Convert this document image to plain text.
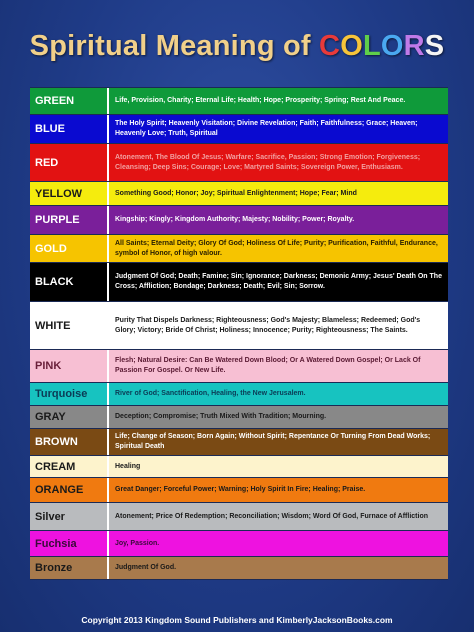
Spiritual Meaning of COLORS
GREEN	Life, Provision, Charity; Eternal Life; Health; Hope; Prosperity; Spring; Rest And Peace.
BLUE	The Holy Spirit; Heavenly Visitation; Divine Revelation; Faith; Faithfulness; Grace; Heaven; Heavenly Love; Truth, Spiritual
RED	Atonement, The Blood Of Jesus; Warfare; Sacrifice, Passion; Strong Emotion; Forgiveness; Cleansing; Deep Sins; Courage; Love; Martyred Saints; Sovereign Power, Enthusiasm.
YELLOW	Something Good; Honor; Joy; Spiritual Enlightenment; Hope; Fear; Mind
PURPLE	Kingship; Kingly; Kingdom Authority; Majesty; Nobility; Power; Royalty.
GOLD	All Saints; Eternal Deity; Glory Of God; Holiness Of Life; Purity; Purification, Faithful, Endurance, symbol of Honor, of high valour.
BLACK	Judgment Of God; Death; Famine; Sin; Ignorance; Darkness; Demonic Army; Jesus' Death On The Cross; Affliction; Bondage; Darkness; Death; Evil; Sin; Sorrow.
WHITE	Purity That Dispels Darkness; Righteousness; God's Majesty; Blameless; Redeemed; God's Glory; Victory; Bride Of Christ; Holiness; Innocence; Purity; Righteousness; The Saints.
PINK	Flesh; Natural Desire: Can Be Watered Down Blood; Or A Watered Down Gospel; Or Lack Of Passion For Gospel. Or New Life.
Turquoise	River of God; Sanctification, Healing, the New Jerusalem.
GRAY	Deception; Compromise; Truth Mixed With Tradition; Mourning.
BROWN	Life; Change of Season; Born Again; Without Spirit; Repentance Or Turning From Dead Works; Spiritual Death
CREAM	Healing
ORANGE	Great Danger; Forceful Power; Warning; Holy Spirit In Fire; Healing; Praise.
Silver	Atonement; Price Of Redemption; Reconciliation; Wisdom; Word Of God, Furnace of Affliction
Fuchsia	Joy, Passion.
Bronze	Judgment Of God.
Copyright 2013 Kingdom Sound Publishers and KimberlyJacksonBooks.com
